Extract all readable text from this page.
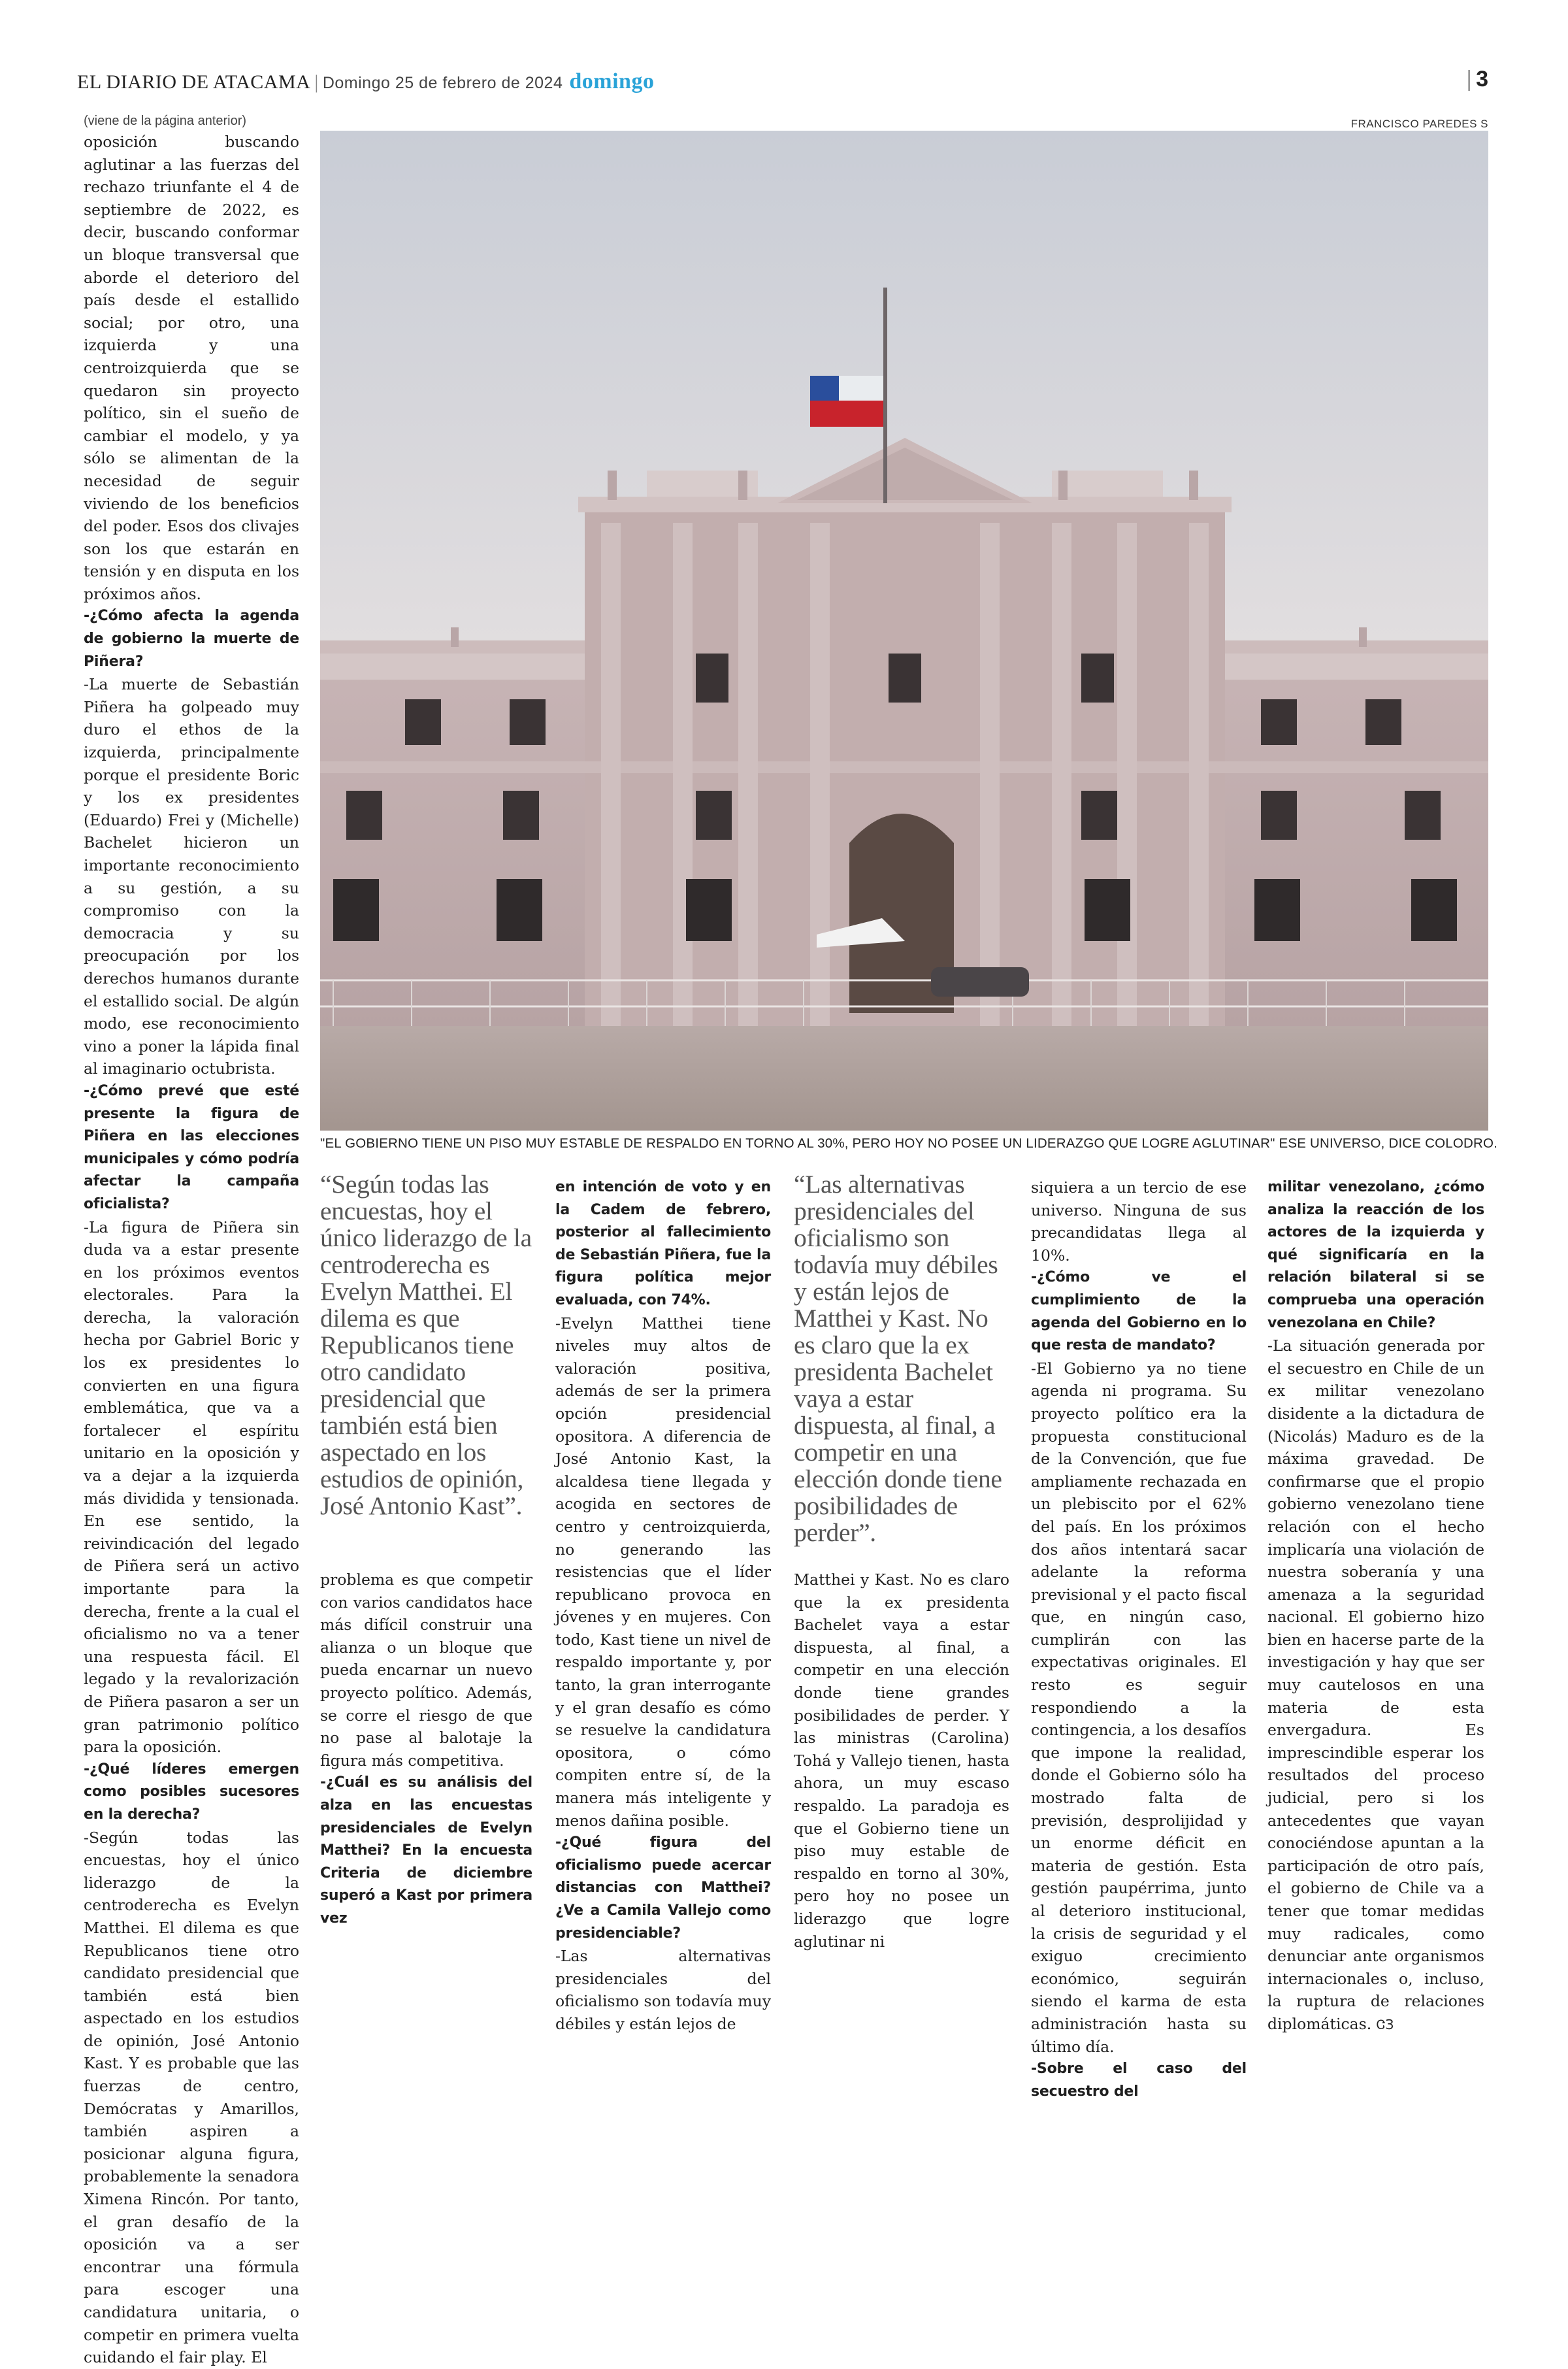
EL DIARIO DE ATACAMA | Domingo 25 de febrero de 2024 domingo	| 3
(viene de la página anterior)	FRANCISCO PAREDES S
"EL GOBIERNO TIENE UN PISO MUY ESTABLE DE RESPALDO EN TORNO AL 30%, PERO HOY NO POSEE UN LIDERAZGO QUE LOGRE AGLUTINAR" ESE UNIVERSO, DICE COLODRO.

oposición buscando aglutinar a las fuerzas del rechazo triunfante el 4 de septiembre de 2022, es decir, buscando conformar un bloque transversal que aborde el deterioro del país desde el estallido social; por otro, una izquierda y una centroizquierda que se quedaron sin proyecto político, sin el sueño de cambiar el modelo, y ya sólo se alimentan de la necesidad de seguir viviendo de los beneficios del poder. Esos dos clivajes son los que estarán en tensión y en disputa en los próximos años.

-¿Cómo afecta la agenda de gobierno la muerte de Piñera?

-La muerte de Sebastián Piñera ha golpeado muy duro el ethos de la izquierda, principalmente porque el presidente Boric y los ex presidentes (Eduardo) Frei y (Michelle) Bachelet hicieron un importante reconocimiento a su gestión, a su compromiso con la democracia y su preocupación por los derechos humanos durante el estallido social. De algún modo, ese reconocimiento vino a poner la lápida final al imaginario octubrista.

-¿Cómo prevé que esté presente la figura de Piñera en las elecciones municipales y cómo podría afectar la campaña oficialista?

-La figura de Piñera sin duda va a estar presente en los próximos eventos electorales. Para la derecha, la valoración hecha por Gabriel Boric y los ex presidentes lo convierten en una figura emblemática, que va a fortalecer el espíritu unitario en la oposición y va a dejar a la izquierda más dividida y tensionada. En ese sentido, la reivindicación del legado de Piñera será un activo importante para la derecha, frente a la cual el oficialismo no va a tener una respuesta fácil. El legado y la revalorización de Piñera pasaron a ser un gran patrimonio político para la oposición.

-¿Qué líderes emergen como posibles sucesores en la derecha?

-Según todas las encuestas, hoy el único liderazgo de la centroderecha es Evelyn Matthei. El dilema es que Republicanos tiene otro candidato presidencial que también está bien aspectado en los estudios de opinión, José Antonio Kast. Y es probable que las fuerzas de centro, Demócratas y Amarillos, también aspiren a posicionar alguna figura, probablemente la senadora Ximena Rincón. Por tanto, el gran desafío de la oposición va a ser encontrar una fórmula para escoger una candidatura unitaria, o competir en primera vuelta cuidando el fair play. El

“Según todas las encuestas, hoy el único liderazgo de la centroderecha es Evelyn Matthei. El dilema es que Republicanos tiene otro candidato presidencial que también está bien aspectado en los estudios de opinión, José Antonio Kast”.

problema es que competir con varios candidatos hace más difícil construir una alianza o un bloque que pueda encarnar un nuevo proyecto político. Además, se corre el riesgo de que no pase al balotaje la figura más competitiva.

-¿Cuál es su análisis del alza en las encuestas presidenciales de Evelyn Matthei? En la encuesta Criteria de diciembre superó a Kast por primera vez

en intención de voto y en la Cadem de febrero, posterior al fallecimiento de Sebastián Piñera, fue la figura política mejor evaluada, con 74%.

-Evelyn Matthei tiene niveles muy altos de valoración positiva, además de ser la primera opción presidencial opositora. A diferencia de José Antonio Kast, la alcaldesa tiene llegada y acogida en sectores de centro y centroizquierda, no generando las resistencias que el líder republicano provoca en jóvenes y en mujeres. Con todo, Kast tiene un nivel de respaldo importante y, por tanto, la gran interrogante y el gran desafío es cómo se resuelve la candidatura opositora, o cómo compiten entre sí, de la manera más inteligente y menos dañina posible.

-¿Qué figura del oficialismo puede acercar distancias con Matthei? ¿Ve a Camila Vallejo como presidenciable?

-Las alternativas presidenciales del oficialismo son todavía muy débiles y están lejos de

“Las alternativas presidenciales del oficialismo son todavía muy débiles y están lejos de Matthei y Kast. No es claro que la ex presidenta Bachelet vaya a estar dispuesta, al final, a competir en una elección donde tiene posibilidades de perder”.

Matthei y Kast. No es claro que la ex presidenta Bachelet vaya a estar dispuesta, al final, a competir en una elección donde tiene grandes posibilidades de perder. Y las ministras (Carolina) Tohá y Vallejo tienen, hasta ahora, un muy escaso respaldo. La paradoja es que el Gobierno tiene un piso muy estable de respaldo en torno al 30%, pero hoy no posee un liderazgo que logre aglutinar ni

siquiera a un tercio de ese universo. Ninguna de sus precandidatas llega al 10%.

-¿Cómo ve el cumplimiento de la agenda del Gobierno en lo que resta de mandato?

-El Gobierno ya no tiene agenda ni programa. Su proyecto político era la propuesta constitucional de la Convención, que fue ampliamente rechazada en un plebiscito por el 62% del país. En los próximos dos años intentará sacar adelante la reforma previsional y el pacto fiscal que, en ningún caso, cumplirán con las expectativas originales. El resto es seguir respondiendo a la contingencia, a los desafíos que impone la realidad, donde el Gobierno sólo ha mostrado falta de previsión, desprolijidad y un enorme déficit en materia de gestión. Esta gestión paupérrima, junto al deterioro institucional, la crisis de seguridad y el exiguo crecimiento económico, seguirán siendo el karma de esta administración hasta su último día.

-Sobre el caso del secuestro del

militar venezolano, ¿cómo analiza la reacción de los actores de la izquierda y qué significaría en la relación bilateral si se comprueba una operación venezolana en Chile?

-La situación generada por el secuestro en Chile de un ex militar venezolano disidente a la dictadura de (Nicolás) Maduro es de la máxima gravedad. De confirmarse que el propio gobierno venezolano tiene relación con el hecho implicaría una violación de nuestra soberanía y una amenaza a la seguridad nacional. El gobierno hizo bien en hacerse parte de la investigación y hay que ser muy cautelosos en una materia de esta envergadura. Es imprescindible esperar los resultados del proceso judicial, pero si los antecedentes que vayan conociéndose apuntan a la participación de otro país, el gobierno de Chile va a tener que tomar medidas muy radicales, como denunciar ante organismos internacionales o, incluso, la ruptura de relaciones diplomáticas. ᏣЗ
